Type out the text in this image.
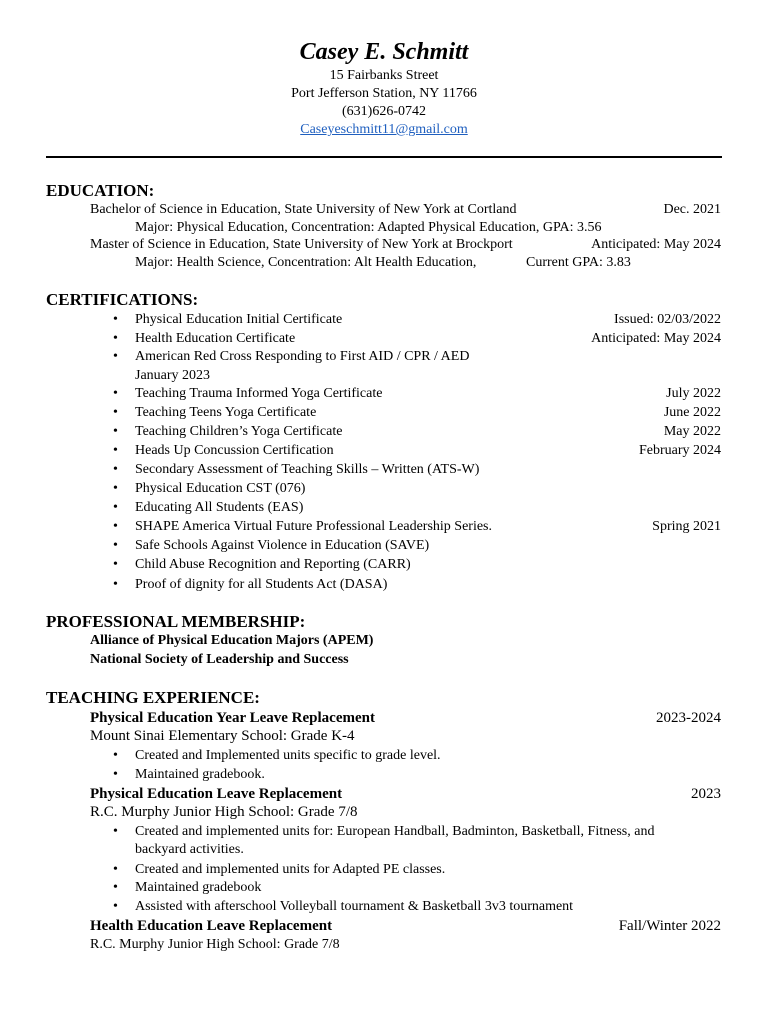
Casey E. Schmitt
15 Fairbanks Street
Port Jefferson Station, NY 11766
(631)626-0742
Caseyeschmitt11@gmail.com
EDUCATION:
Bachelor of Science in Education, State University of New York at Cortland	Dec. 2021
Major: Physical Education, Concentration: Adapted Physical Education, GPA: 3.56
Master of Science in Education, State University of New York at Brockport	Anticipated: May 2024
Major: Health Science, Concentration: Alt Health Education,	Current GPA: 3.83
CERTIFICATIONS:
• Physical Education Initial Certificate	Issued: 02/03/2022
• Health Education Certificate	Anticipated: May 2024
• American Red Cross Responding to First AID / CPR / AED
January 2023
• Teaching Trauma Informed Yoga Certificate	July 2022
• Teaching Teens Yoga Certificate	June 2022
• Teaching Children’s Yoga Certificate	May 2022
• Heads Up Concussion Certification	February 2024
• Secondary Assessment of Teaching Skills – Written (ATS-W)
• Physical Education CST (076)
• Educating All Students (EAS)
• SHAPE America Virtual Future Professional Leadership Series.	Spring 2021
• Safe Schools Against Violence in Education (SAVE)
• Child Abuse Recognition and Reporting (CARR)
• Proof of dignity for all Students Act (DASA)
PROFESSIONAL MEMBERSHIP:
Alliance of Physical Education Majors (APEM)
National Society of Leadership and Success
TEACHING EXPERIENCE:
Physical Education Year Leave Replacement	2023-2024
Mount Sinai Elementary School: Grade K-4
• Created and Implemented units specific to grade level.
• Maintained gradebook.
Physical Education Leave Replacement	2023
R.C. Murphy Junior High School: Grade 7/8
• Created and implemented units for: European Handball, Badminton, Basketball, Fitness, and
backyard activities.
• Created and implemented units for Adapted PE classes.
• Maintained gradebook
• Assisted with afterschool Volleyball tournament & Basketball 3v3 tournament
Health Education Leave Replacement	Fall/Winter 2022
R.C. Murphy Junior High School: Grade 7/8
